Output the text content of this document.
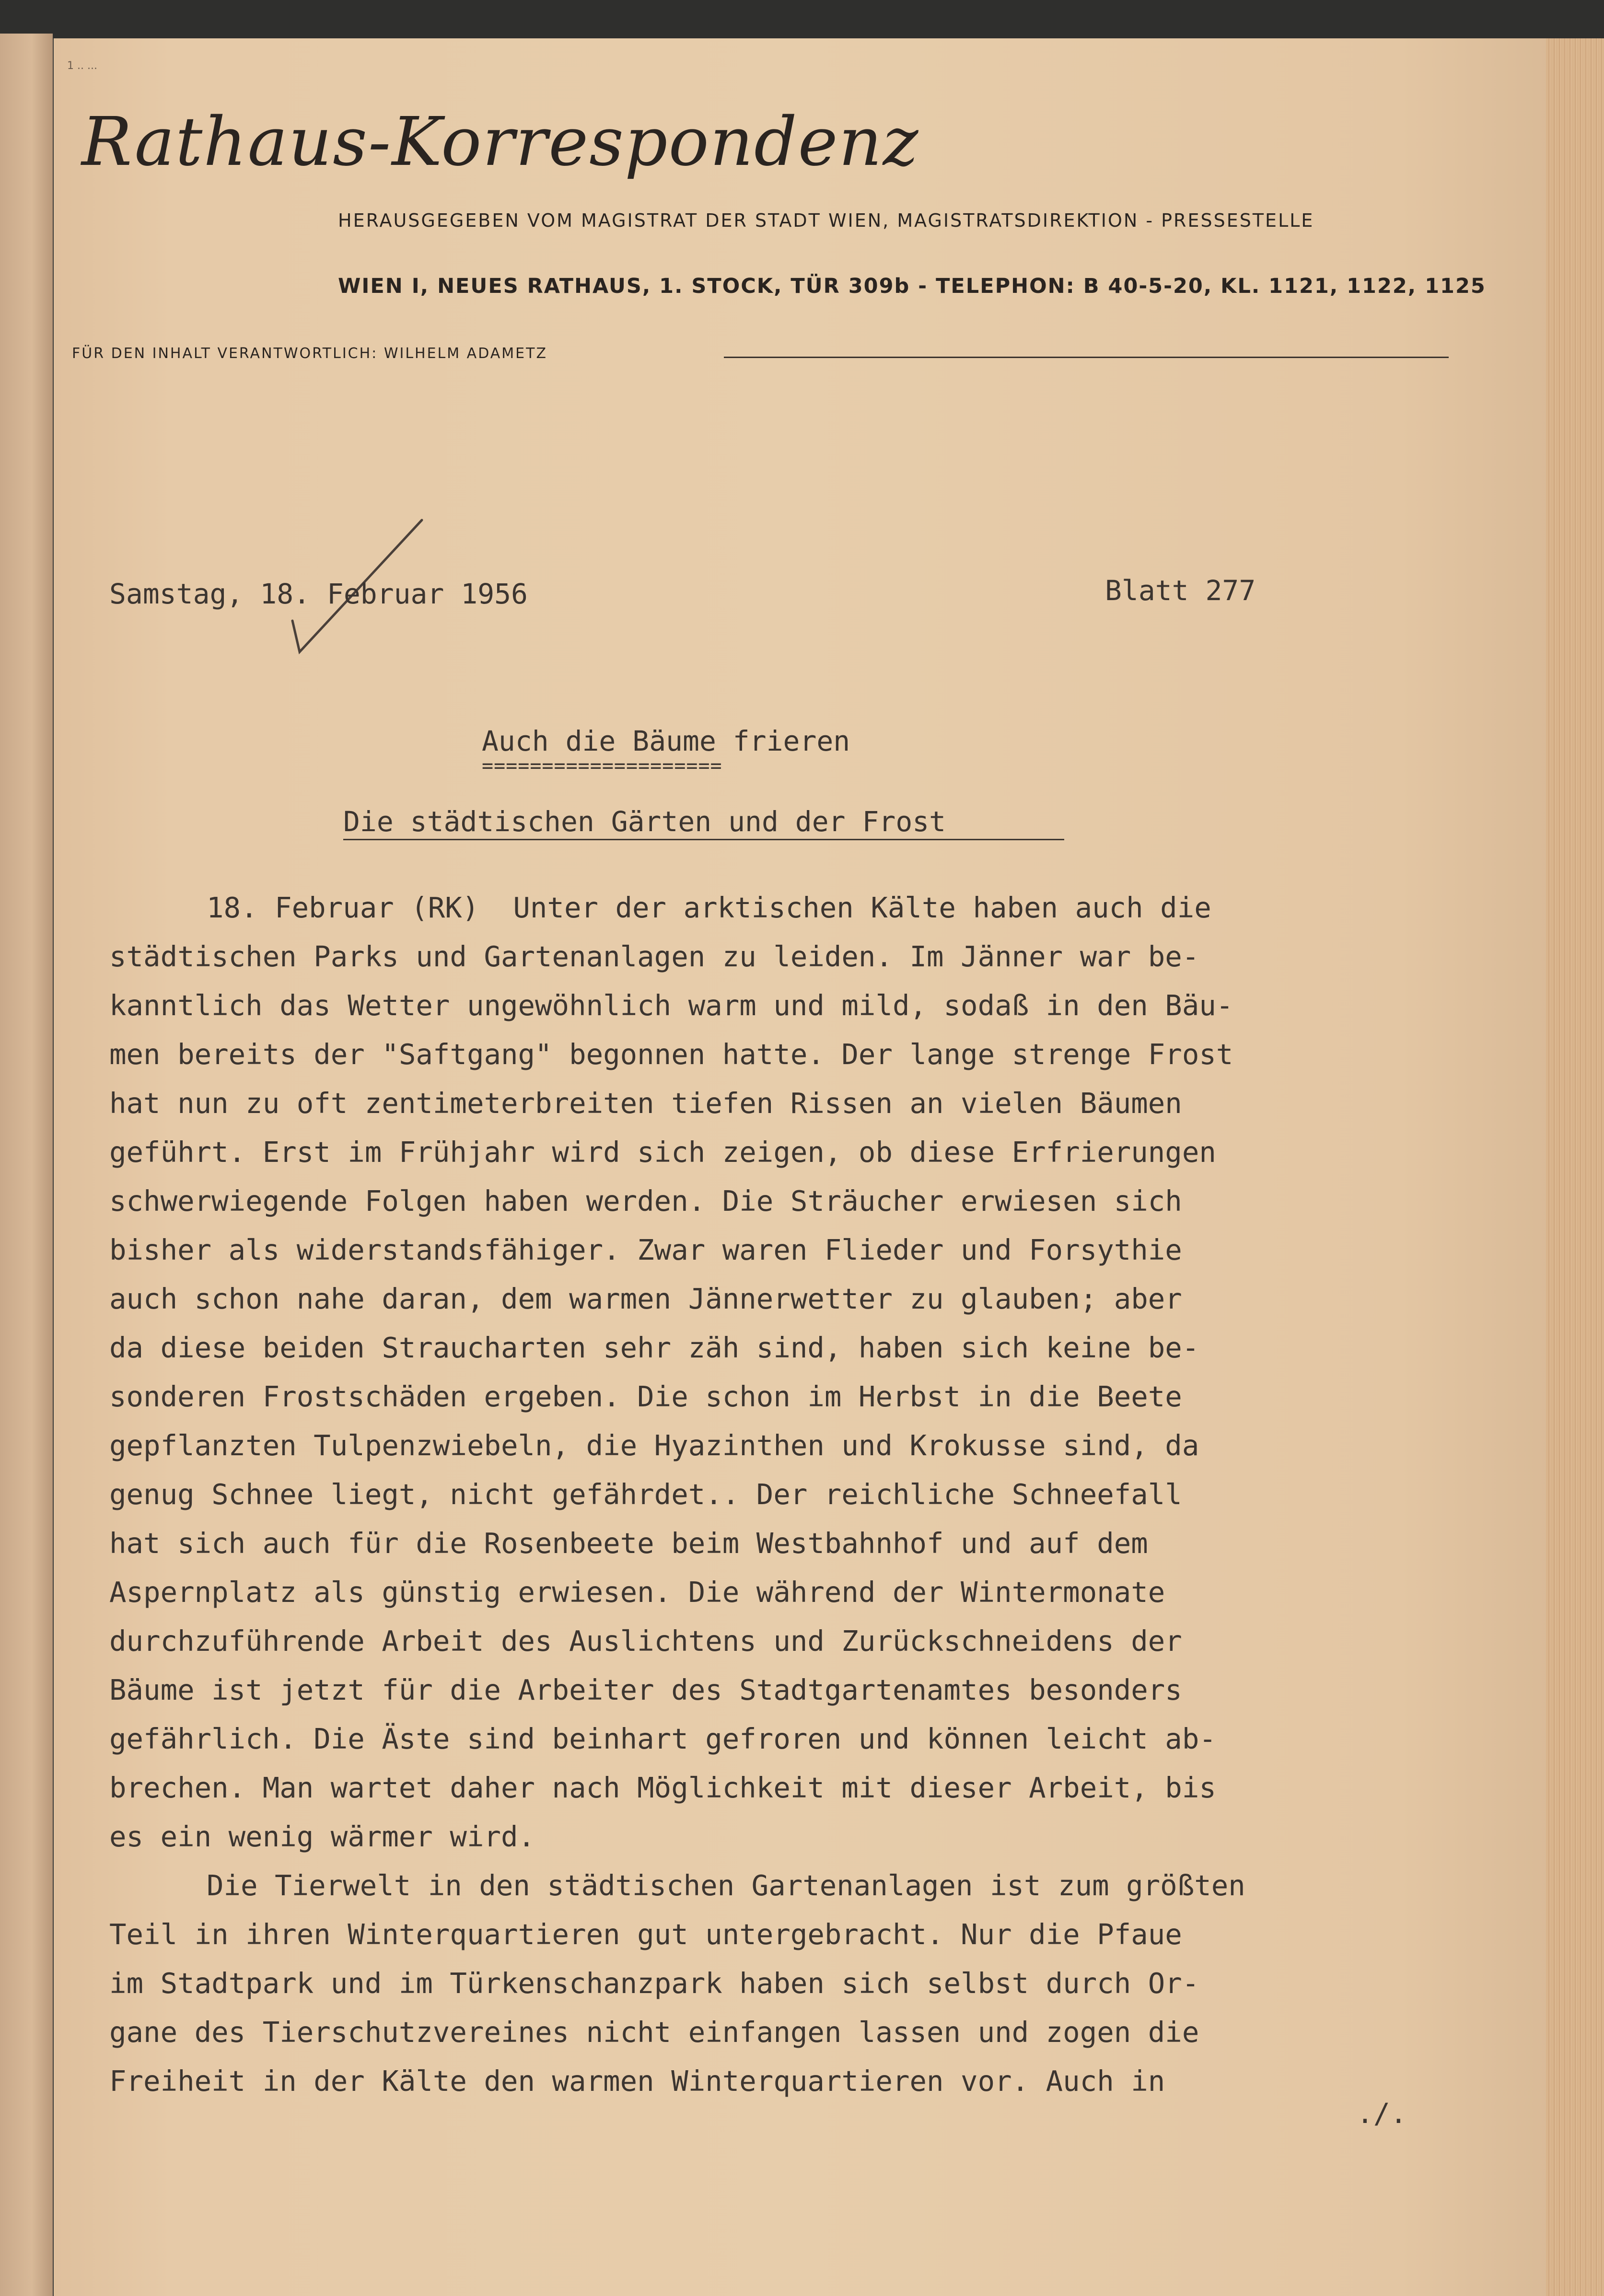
1 .. ...
Rathaus-Korrespondenz
HERAUSGEGEBEN VOM MAGISTRAT DER STADT WIEN, MAGISTRATSDIREKTION - PRESSESTELLE
WIEN I, NEUES RATHAUS, 1. STOCK, TÜR 309b - TELEPHON: B 40-5-20, KL. 1121, 1122, 1125
FÜR DEN INHALT VERANTWORTLICH: WILHELM ADAMETZ
Samstag, 18. Februar 1956	Blatt 277
Auch die Bäume frieren
====================
Die städtischen Gärten und der Frost
18. Februar (RK)  Unter der arktischen Kälte haben auch die
städtischen Parks und Gartenanlagen zu leiden. Im Jänner war be-
kanntlich das Wetter ungewöhnlich warm und mild, sodaß in den Bäu-
men bereits der "Saftgang" begonnen hatte. Der lange strenge Frost
hat nun zu oft zentimeterbreiten tiefen Rissen an vielen Bäumen
geführt. Erst im Frühjahr wird sich zeigen, ob diese Erfrierungen
schwerwiegende Folgen haben werden. Die Sträucher erwiesen sich
bisher als widerstandsfähiger. Zwar waren Flieder und Forsythie
auch schon nahe daran, dem warmen Jännerwetter zu glauben; aber
da diese beiden Straucharten sehr zäh sind, haben sich keine be-
sonderen Frostschäden ergeben. Die schon im Herbst in die Beete
gepflanzten Tulpenzwiebeln, die Hyazinthen und Krokusse sind, da
genug Schnee liegt, nicht gefährdet.. Der reichliche Schneefall
hat sich auch für die Rosenbeete beim Westbahnhof und auf dem
Aspernplatz als günstig erwiesen. Die während der Wintermonate
durchzuführende Arbeit des Auslichtens und Zurückschneidens der
Bäume ist jetzt für die Arbeiter des Stadtgartenamtes besonders
gefährlich. Die Äste sind beinhart gefroren und können leicht ab-
brechen. Man wartet daher nach Möglichkeit mit dieser Arbeit, bis
es ein wenig wärmer wird.
Die Tierwelt in den städtischen Gartenanlagen ist zum größten
Teil in ihren Winterquartieren gut untergebracht. Nur die Pfaue
im Stadtpark und im Türkenschanzpark haben sich selbst durch Or-
gane des Tierschutzvereines nicht einfangen lassen und zogen die
Freiheit in der Kälte den warmen Winterquartieren vor. Auch in
./.
